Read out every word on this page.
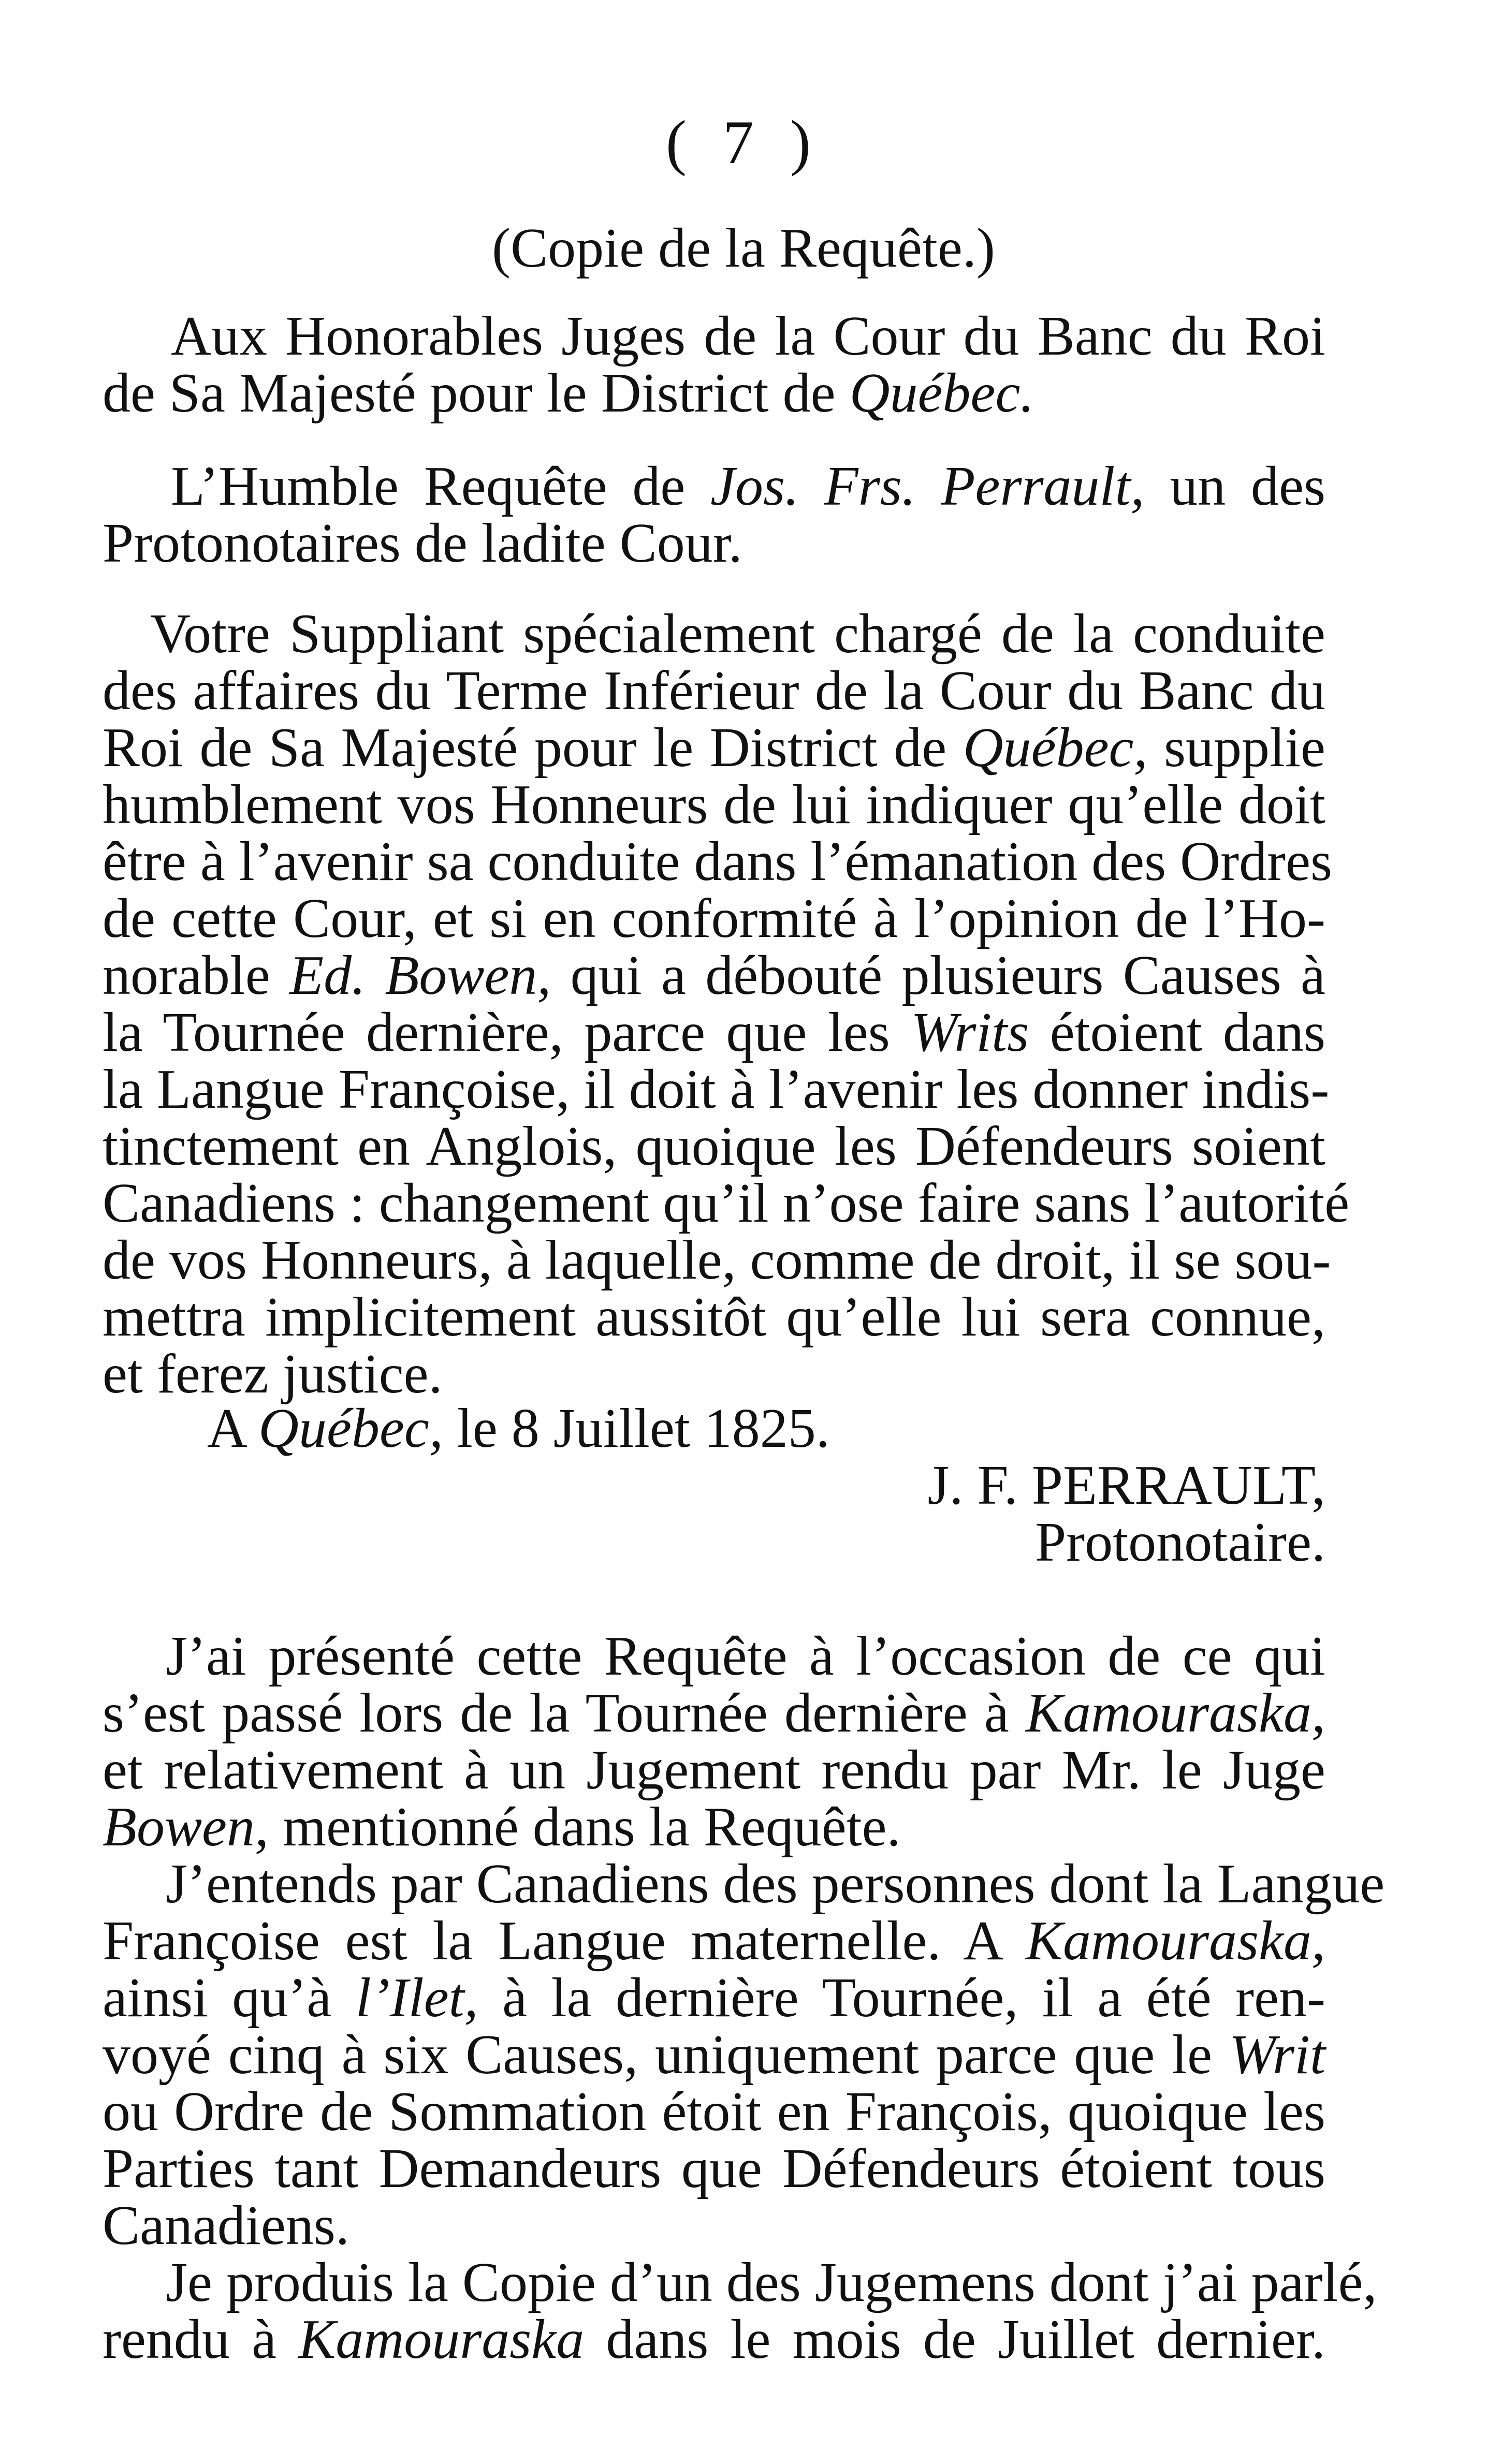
( 7 )
(Copie de la Requête.)
Aux Honorables Juges de la Cour du Banc du Roi
de Sa Majesté pour le District de Québec.
L’Humble Requête de Jos. Frs. Perrault, un des
Protonotaires de ladite Cour.
Votre Suppliant spécialement chargé de la conduite
des affaires du Terme Inférieur de la Cour du Banc du
Roi de Sa Majesté pour le District de Québec, supplie
humblement vos Honneurs de lui indiquer qu’elle doit
être à l’avenir sa conduite dans l’émanation des Ordres
de cette Cour, et si en conformité à l’opinion de l’Ho-
norable Ed. Bowen, qui a débouté plusieurs Causes à
la Tournée dernière, parce que les Writs étoient dans
la Langue Françoise, il doit à l’avenir les donner indis-
tinctement en Anglois, quoique les Défendeurs soient
Canadiens : changement qu’il n’ose faire sans l’autorité
de vos Honneurs, à laquelle, comme de droit, il se sou-
mettra implicitement aussitôt qu’elle lui sera connue,
et ferez justice.
A Québec, le 8 Juillet 1825.
J. F. PERRAULT,
Protonotaire.
J’ai présenté cette Requête à l’occasion de ce qui
s’est passé lors de la Tournée dernière à Kamouraska,
et relativement à un Jugement rendu par Mr. le Juge
Bowen, mentionné dans la Requête.
J’entends par Canadiens des personnes dont la Langue
Françoise est la Langue maternelle. A Kamouraska,
ainsi qu’à l’Ilet, à la dernière Tournée, il a été ren-
voyé cinq à six Causes, uniquement parce que le Writ
ou Ordre de Sommation étoit en François, quoique les
Parties tant Demandeurs que Défendeurs étoient tous
Canadiens.
Je produis la Copie d’un des Jugemens dont j’ai parlé,
rendu à Kamouraska dans le mois de Juillet dernier.
